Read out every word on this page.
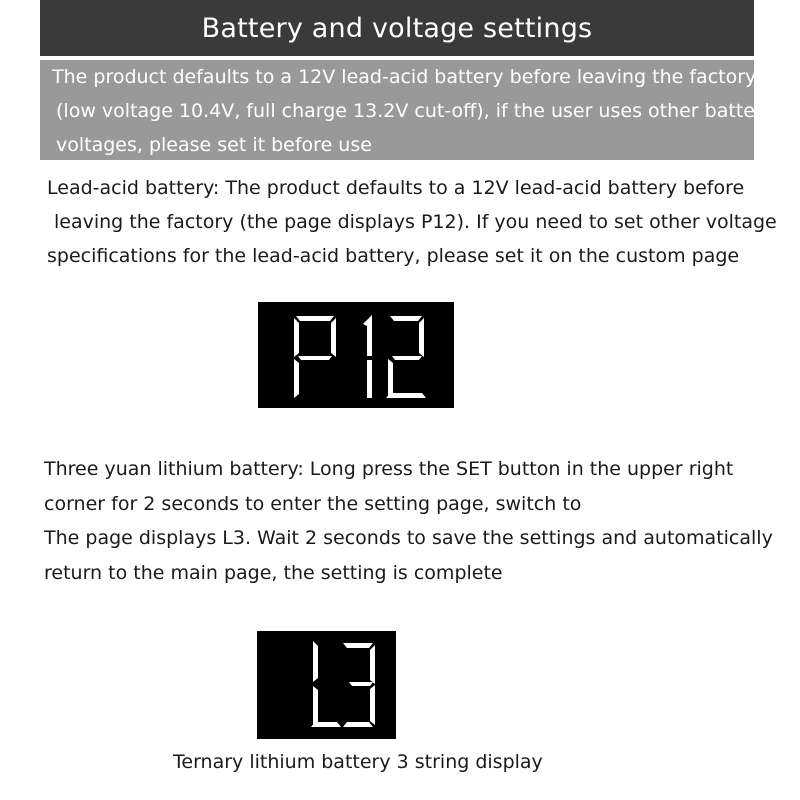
Battery and voltage settings
The product defaults to a 12V lead-acid battery before leaving the factory
(low voltage 10.4V, full charge 13.2V cut-off), if the user uses other battery
voltages, please set it before use
Lead-acid battery: The product defaults to a 12V lead-acid battery before
leaving the factory (the page displays P12). If you need to set other voltage
specifications for the lead-acid battery, please set it on the custom page
Three yuan lithium battery: Long press the SET button in the upper right
corner for 2 seconds to enter the setting page, switch to
The page displays L3. Wait 2 seconds to save the settings and automatically
return to the main page, the setting is complete
Ternary lithium battery 3 string display
